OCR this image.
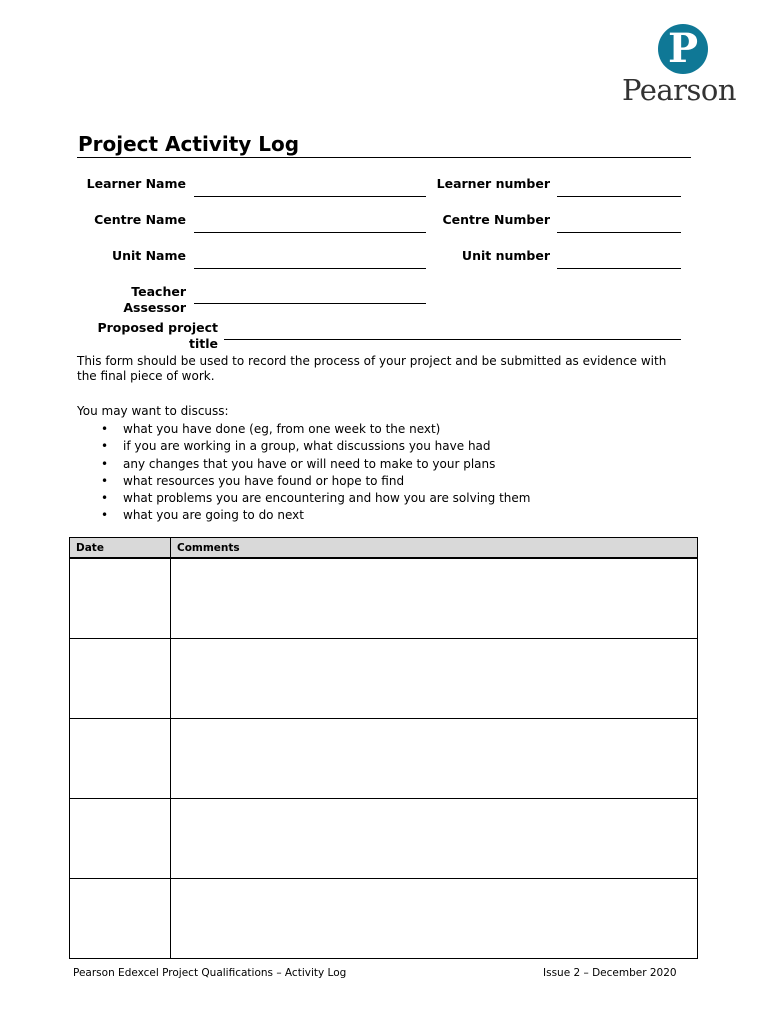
P
Pearson
Project Activity Log
Learner Name	Learner number
Centre Name	Centre Number
Unit Name	Unit number
Teacher Assessor
Proposed project title
This form should be used to record the process of your project and be submitted as evidence with the final piece of work.
You may want to discuss:
• what you have done (eg, from one week to the next)
• if you are working in a group, what discussions you have had
• any changes that you have or will need to make to your plans
• what resources you have found or hope to find
• what problems you are encountering and how you are solving them
• what you are going to do next
Date	Comments

Pearson Edexcel Project Qualifications – Activity Log	Issue 2 – December 2020
